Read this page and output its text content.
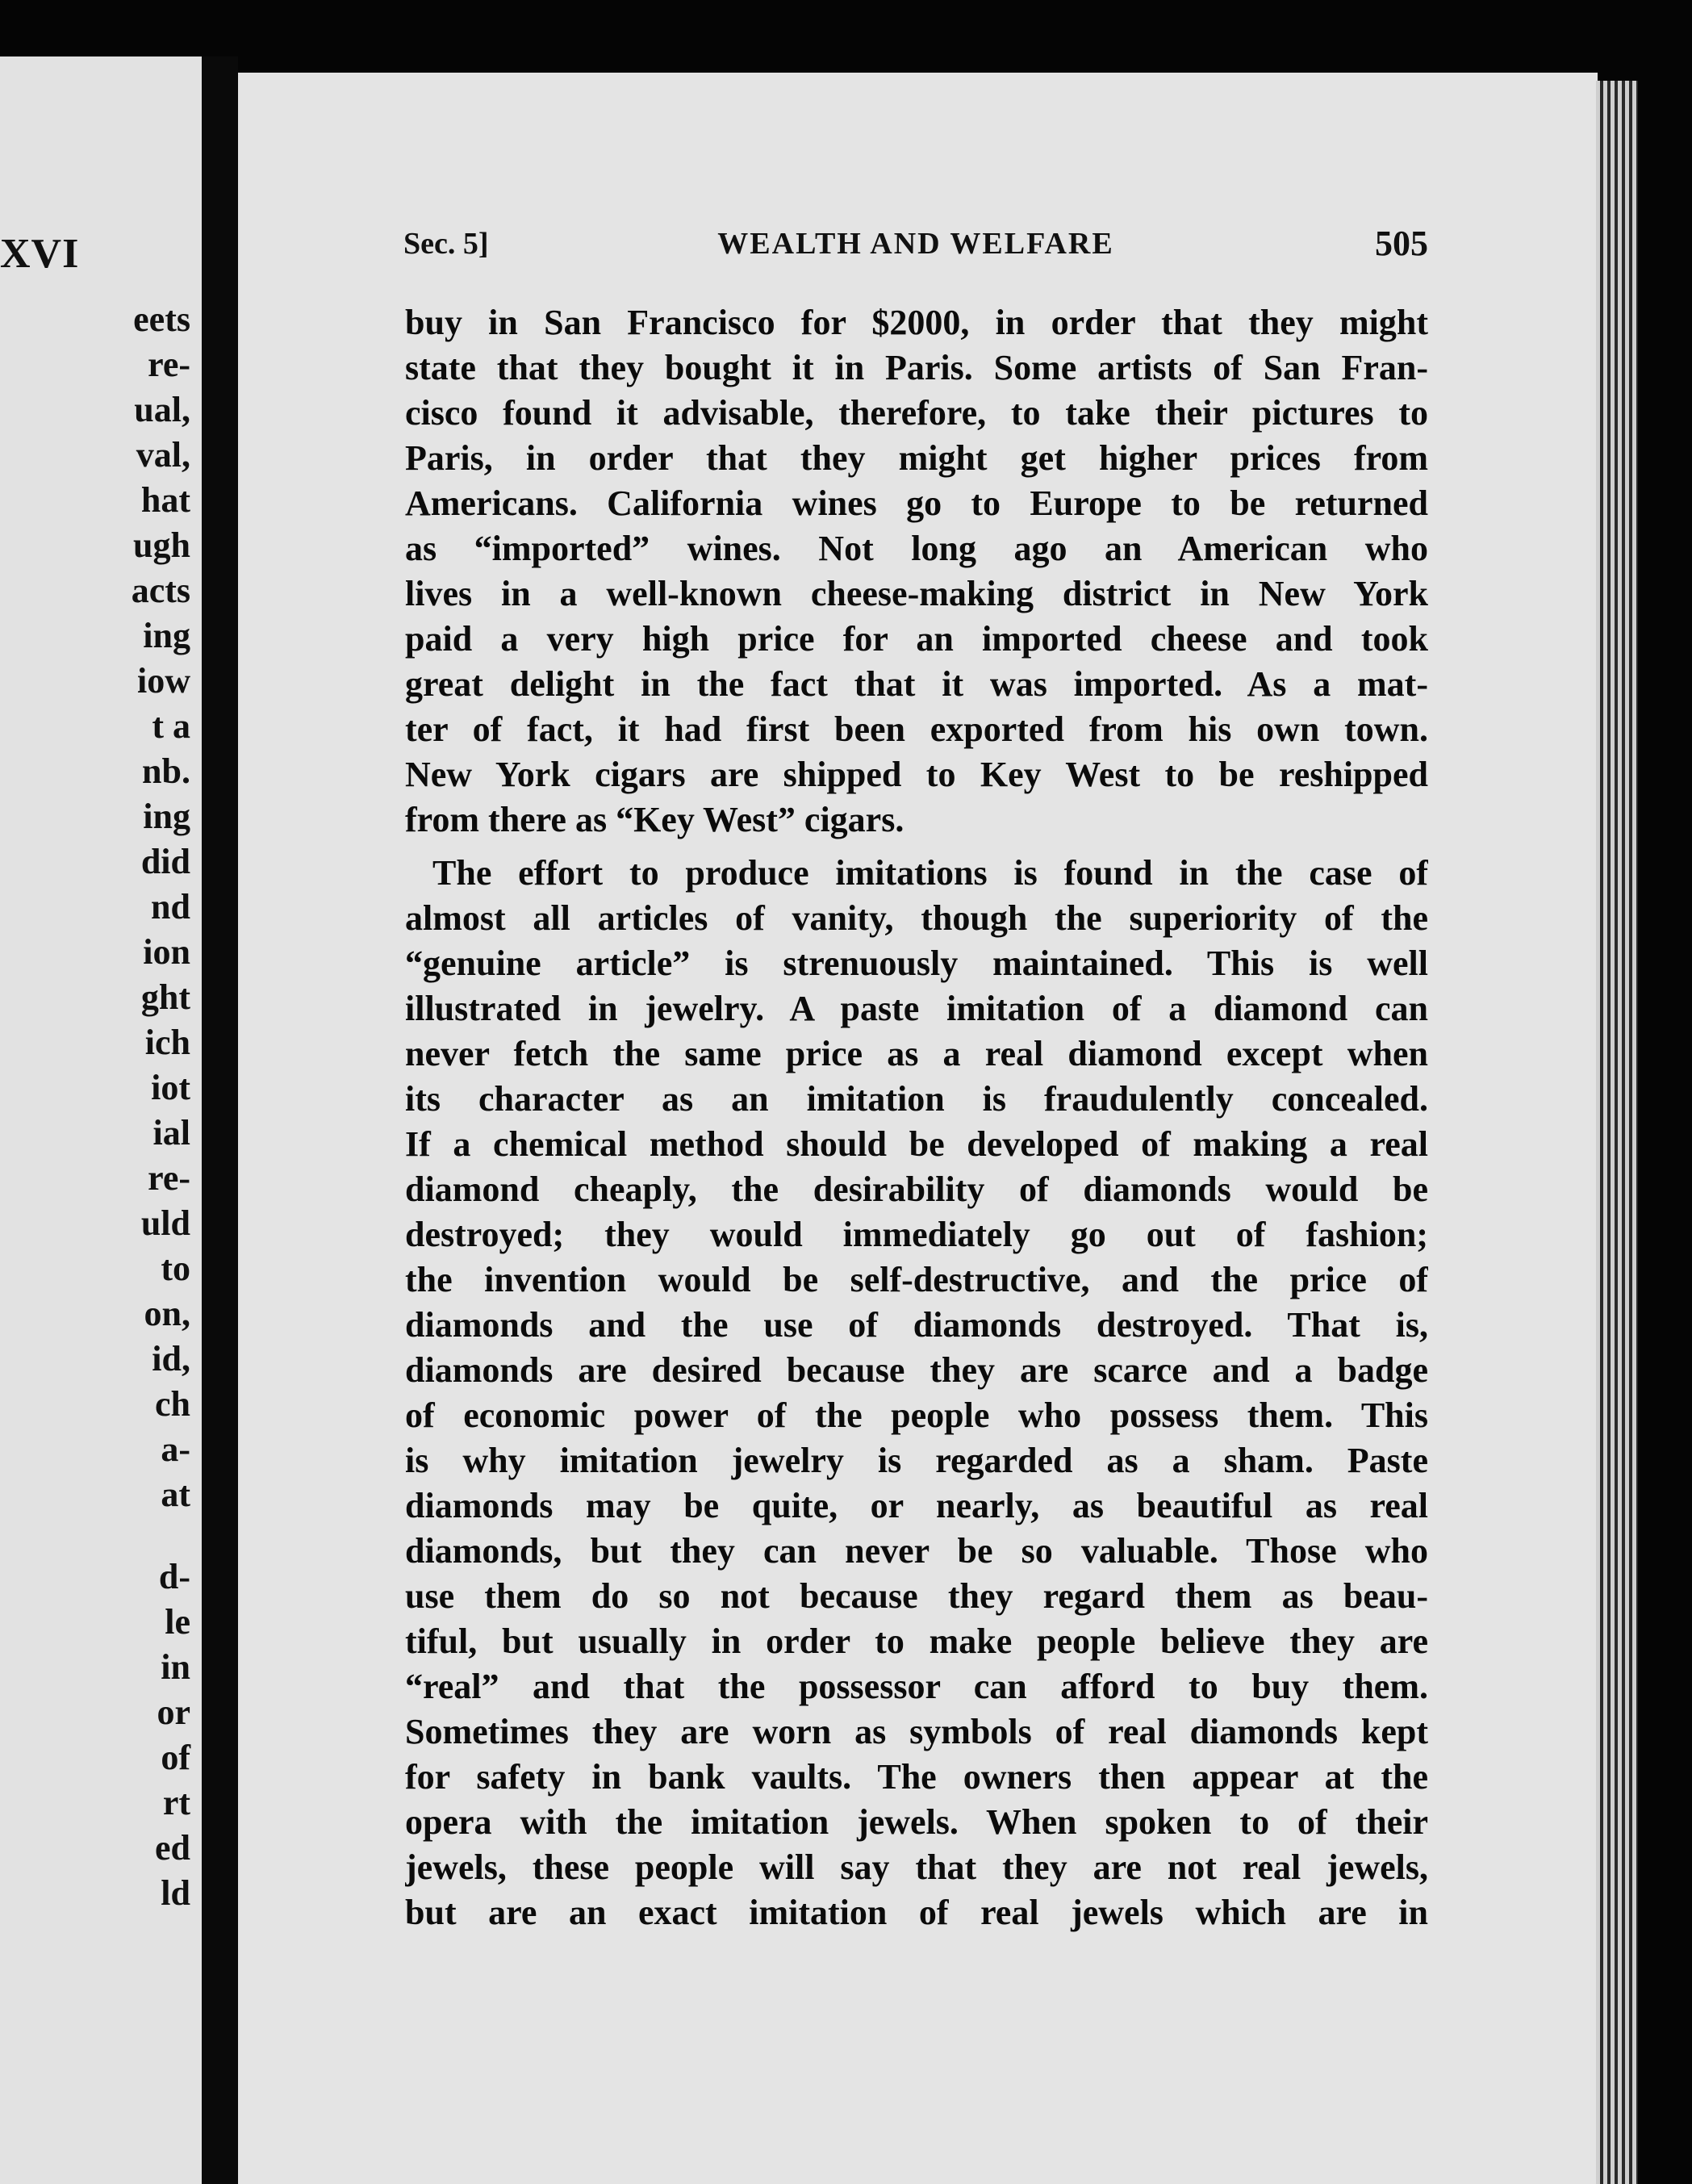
XVI
eets
re-
ual,
val,
hat
ugh
acts
ing
iow
t a
nb.
ing
did
nd
ion
ght
ich
iot
ial
re-
uld
to
on,
id,
ch
a-
at
d-
le
in
or
of
rt
ed
ld
Sec. 5]	WEALTH AND WELFARE	505
buy in San Francisco for $2000, in order that they might
state that they bought it in Paris. Some artists of San Fran-
cisco found it advisable, therefore, to take their pictures to
Paris, in order that they might get higher prices from
Americans. California wines go to Europe to be returned
as “imported” wines. Not long ago an American who
lives in a well-known cheese-making district in New York
paid a very high price for an imported cheese and took
great delight in the fact that it was imported. As a mat-
ter of fact, it had first been exported from his own town.
New York cigars are shipped to Key West to be reshipped
from there as “Key West” cigars.
The effort to produce imitations is found in the case of
almost all articles of vanity, though the superiority of the
“genuine article” is strenuously maintained. This is well
illustrated in jewelry. A paste imitation of a diamond can
never fetch the same price as a real diamond except when
its character as an imitation is fraudulently concealed.
If a chemical method should be developed of making a real
diamond cheaply, the desirability of diamonds would be
destroyed; they would immediately go out of fashion;
the invention would be self-destructive, and the price of
diamonds and the use of diamonds destroyed. That is,
diamonds are desired because they are scarce and a badge
of economic power of the people who possess them. This
is why imitation jewelry is regarded as a sham. Paste
diamonds may be quite, or nearly, as beautiful as real
diamonds, but they can never be so valuable. Those who
use them do so not because they regard them as beau-
tiful, but usually in order to make people believe they are
“real” and that the possessor can afford to buy them.
Sometimes they are worn as symbols of real diamonds kept
for safety in bank vaults. The owners then appear at the
opera with the imitation jewels. When spoken to of their
jewels, these people will say that they are not real jewels,
but are an exact imitation of real jewels which are in
